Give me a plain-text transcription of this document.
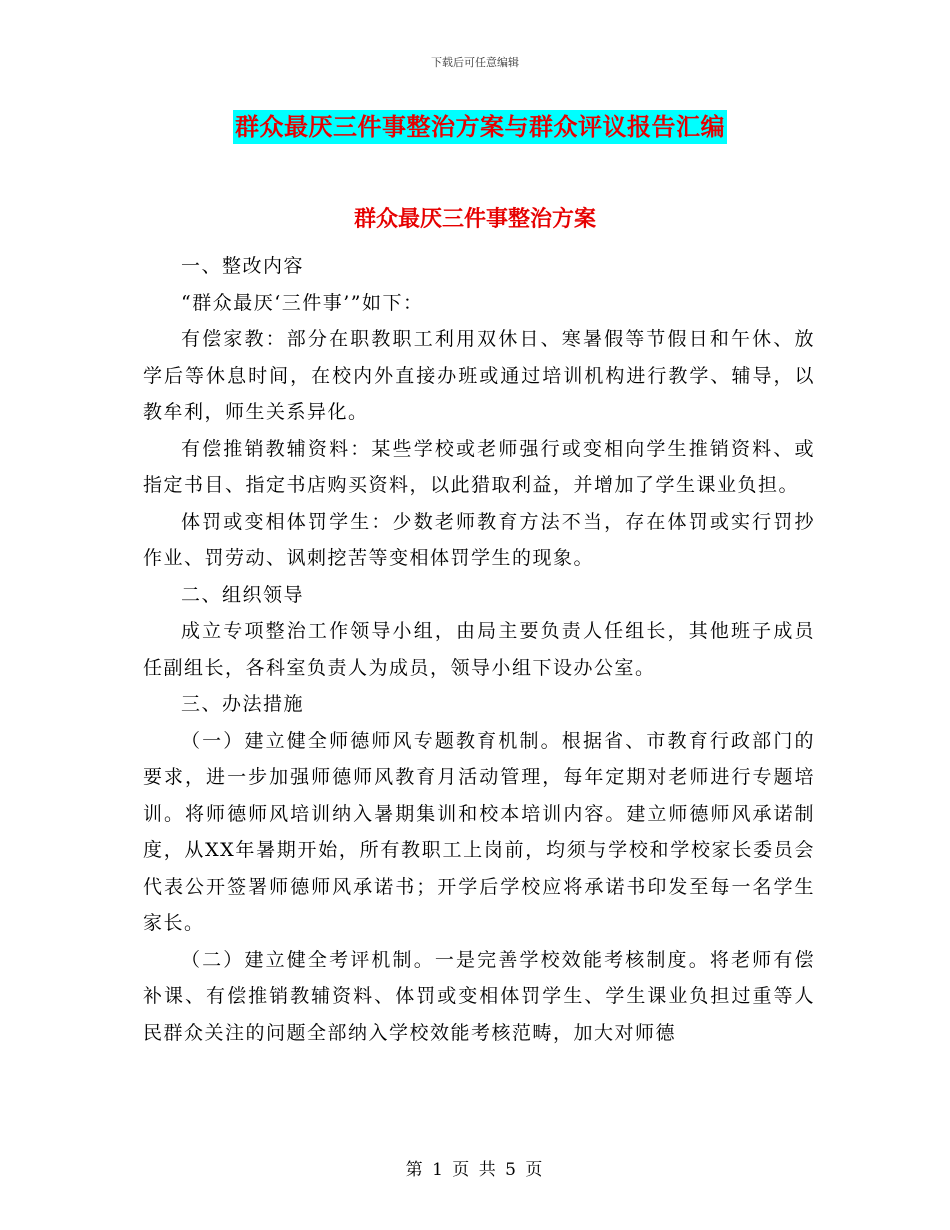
下载后可任意编辑
群众最厌三件事整治方案与群众评议报告汇编
群众最厌三件事整治方案

一、整改内容

“群众最厌‘三件事’”如下：

有偿家教：部分在职教职工利用双休日、寒暑假等节假日和午休、放学后等休息时间，在校内外直接办班或通过培训机构进行教学、辅导，以教牟利，师生关系异化。

有偿推销教辅资料：某些学校或老师强行或变相向学生推销资料、或指定书目、指定书店购买资料，以此猎取利益，并增加了学生课业负担。

体罚或变相体罚学生：少数老师教育方法不当，存在体罚或实行罚抄作业、罚劳动、讽刺挖苦等变相体罚学生的现象。

二、组织领导

成立专项整治工作领导小组，由局主要负责人任组长，其他班子成员任副组长，各科室负责人为成员，领导小组下设办公室。

三、办法措施

（一）建立健全师德师风专题教育机制。根据省、市教育行政部门的要求，进一步加强师德师风教育月活动管理，每年定期对老师进行专题培训。将师德师风培训纳入暑期集训和校本培训内容。建立师德师风承诺制度，从XX年暑期开始，所有教职工上岗前，均须与学校和学校家长委员会代表公开签署师德师风承诺书；开学后学校应将承诺书印发至每一名学生家长。

（二）建立健全考评机制。一是完善学校效能考核制度。将老师有偿补课、有偿推销教辅资料、体罚或变相体罚学生、学生课业负担过重等人民群众关注的问题全部纳入学校效能考核范畴，加大对师德

第 1 页 共 5 页
